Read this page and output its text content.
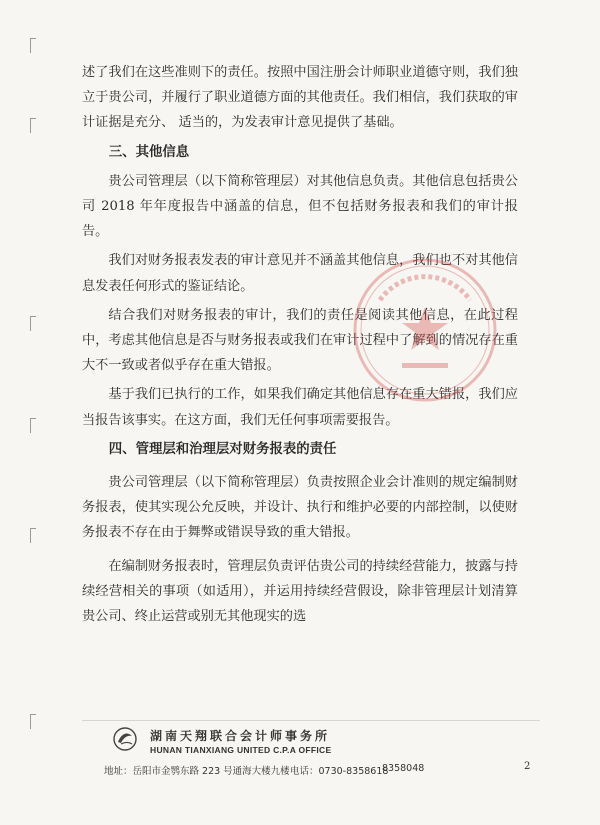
述了我们在这些准则下的责任。按照中国注册会计师职业道德守则，我们独立于贵公司，并履行了职业道德方面的其他责任。我们相信，我们获取的审计证据是充分、 适当的，为发表审计意见提供了基础。

三、其他信息

贵公司管理层（以下简称管理层）对其他信息负责。其他信息包括贵公司 2018 年年度报告中涵盖的信息，但不包括财务报表和我们的审计报告。

我们对财务报表发表的审计意见并不涵盖其他信息，我们也不对其他信息发表任何形式的鉴证结论。

结合我们对财务报表的审计，我们的责任是阅读其他信息，在此过程中，考虑其他信息是否与财务报表或我们在审计过程中了解到的情况存在重大不一致或者似乎存在重大错报。

基于我们已执行的工作，如果我们确定其他信息存在重大错报，我们应当报告该事实。在这方面，我们无任何事项需要报告。

四、管理层和治理层对财务报表的责任

贵公司管理层（以下简称管理层）负责按照企业会计准则的规定编制财务报表，使其实现公允反映，并设计、执行和维护必要的内部控制，以使财务报表不存在由于舞弊或错误导致的重大错报。

在编制财务报表时，管理层负责评估贵公司的持续经营能力，披露与持续经营相关的事项（如适用），并运用持续经营假设，除非管理层计划清算贵公司、终止运营或别无其他现实的选

湖南天翔联合会计师事务所
HUNAN TIANXIANG UNITED C.P.A OFFICE
地址：岳阳市金鹗东路 223 号通海大楼九楼 电话：0730-8358618
8358048	2
